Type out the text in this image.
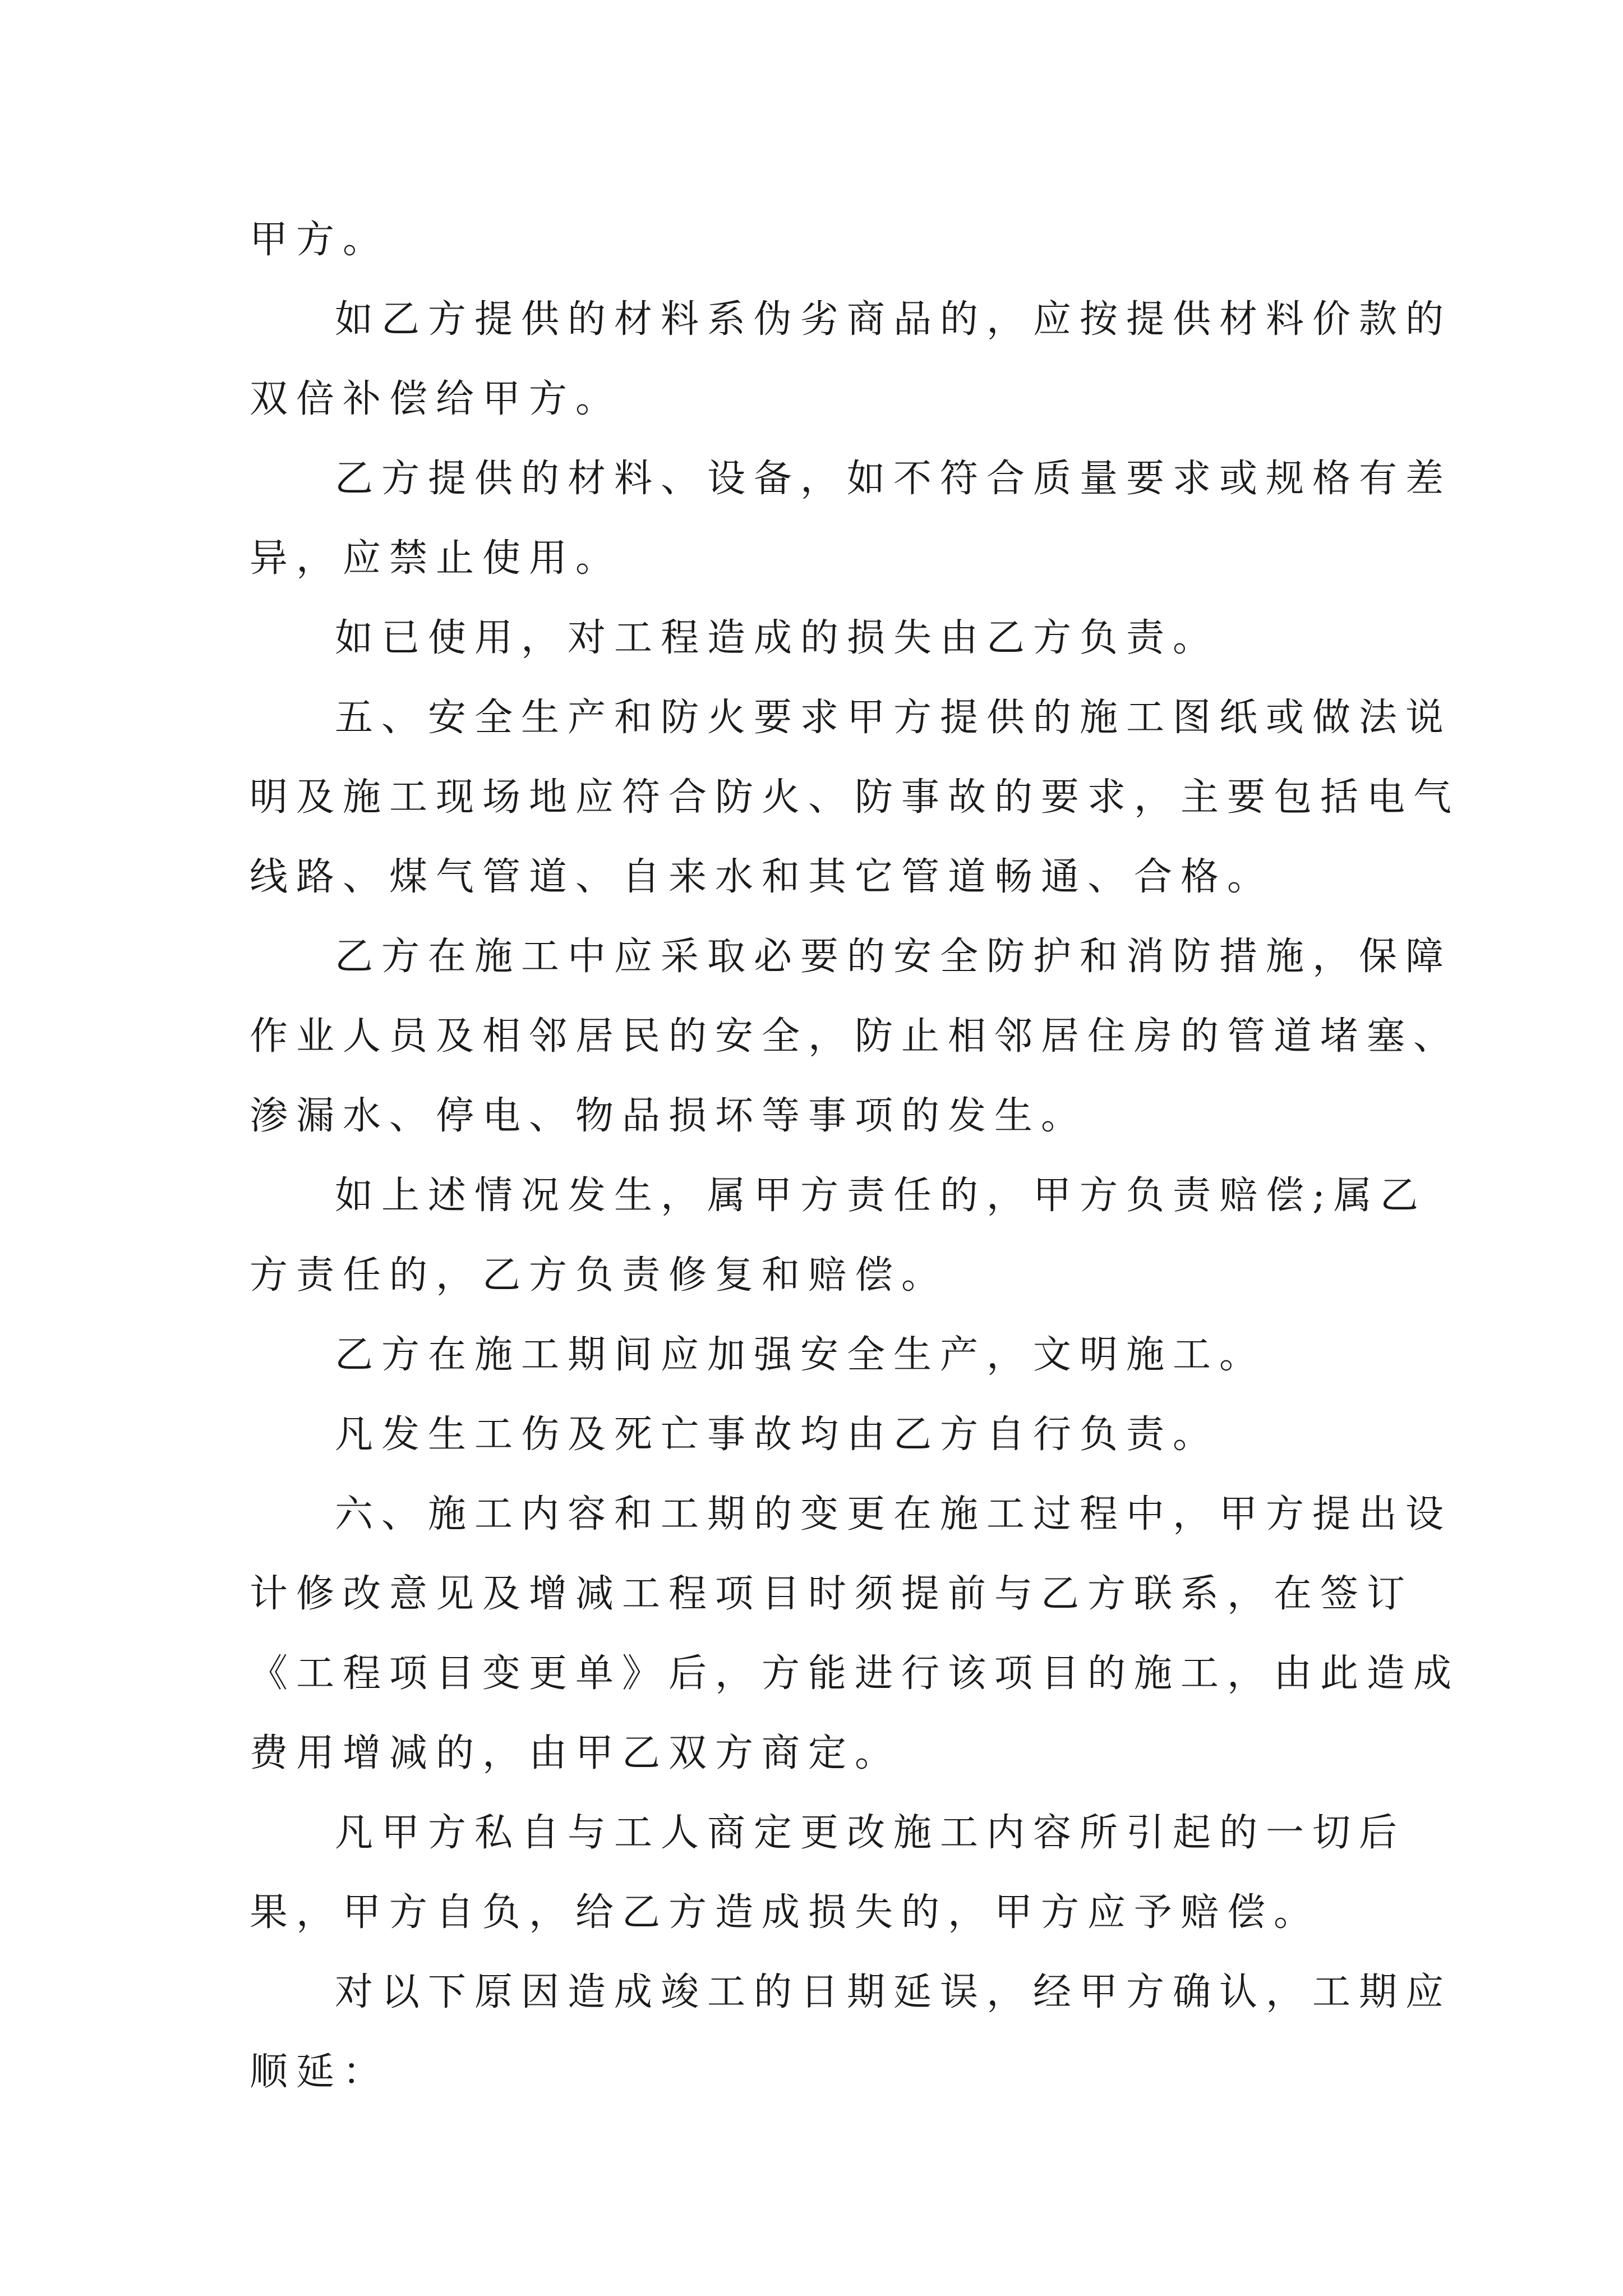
甲方。
如乙方提供的材料系伪劣商品的，应按提供材料价款的
双倍补偿给甲方。
乙方提供的材料、设备，如不符合质量要求或规格有差
异，应禁止使用。
如已使用，对工程造成的损失由乙方负责。
五、安全生产和防火要求甲方提供的施工图纸或做法说
明及施工现场地应符合防火、防事故的要求，主要包括电气
线路、煤气管道、自来水和其它管道畅通、合格。
乙方在施工中应采取必要的安全防护和消防措施，保障
作业人员及相邻居民的安全，防止相邻居住房的管道堵塞、
渗漏水、停电、物品损坏等事项的发生。
如上述情况发生，属甲方责任的，甲方负责赔偿;属乙
方责任的，乙方负责修复和赔偿。
乙方在施工期间应加强安全生产，文明施工。
凡发生工伤及死亡事故均由乙方自行负责。
六、施工内容和工期的变更在施工过程中，甲方提出设
计修改意见及增减工程项目时须提前与乙方联系，在签订
《工程项目变更单》后，方能进行该项目的施工，由此造成
费用增减的，由甲乙双方商定。
凡甲方私自与工人商定更改施工内容所引起的一切后
果，甲方自负，给乙方造成损失的，甲方应予赔偿。
对以下原因造成竣工的日期延误，经甲方确认，工期应
顺延：
